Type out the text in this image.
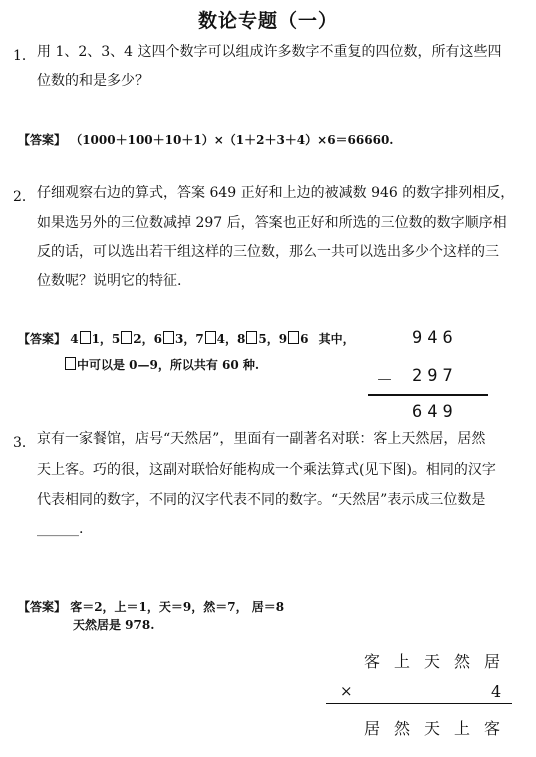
数论专题（一）
1． 用 1、2、3、4 这四个数字可以组成许多数字不重复的四位数，所有这些四
位数的和是多少？
【答案】 （1000＋100＋10＋1）×（1＋2＋3＋4）×6＝66660.
2． 仔细观察右边的算式，答案 649 正好和上边的被减数 946 的数字排列相反，
如果选另外的三位数减掉 297 后，答案也正好和所选的三位数的数字顺序相
反的话，可以选出若干组这样的三位数，那么一共可以选出多少个这样的三
位数呢？说明它的特征.
【答案】 4 1，5 2，6 3，7 4，8 5，9 6 其中，
中可以是 0—9，所以共有 60 种.
946
－ 297
649
3． 京有一家餐馆，店号“天然居”，里面有一副著名对联：客上天然居，居然
天上客。巧的很，这副对联恰好能构成一个乘法算式(见下图)。相同的汉字
代表相同的数字，不同的汉字代表不同的数字。“天然居”表示成三位数是
______.
【答案】 客＝2，上＝1，天＝9，然＝7， 居＝8
天然居是 978.
客上天然居
×	4
居然天上客
